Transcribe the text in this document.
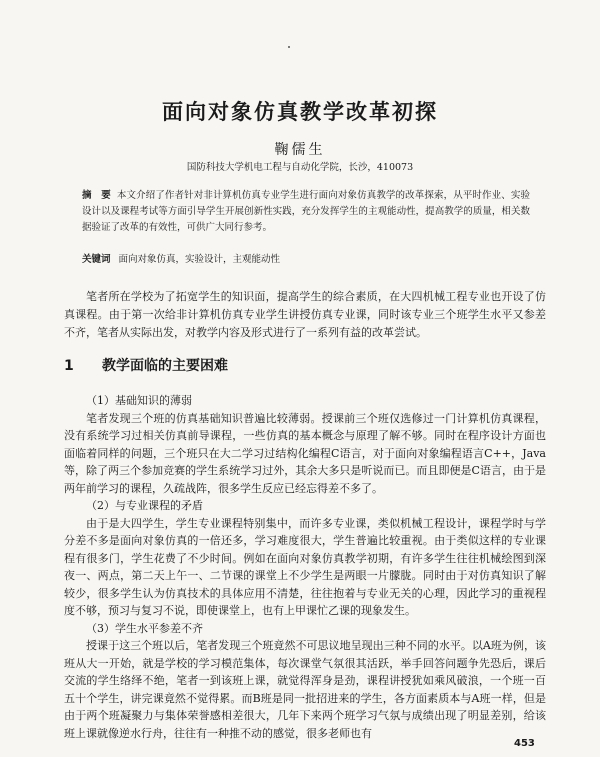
面向对象仿真教学改革初探
鞠儒生
国防科技大学机电工程与自动化学院，长沙，410073
摘　要 本文介绍了作者针对非计算机仿真专业学生进行面向对象仿真教学的改革探索，从平时作业、实验设计以及课程考试等方面引导学生开展创新性实践，充分发挥学生的主观能动性，提高教学的质量，相关数据验证了改革的有效性，可供广大同行参考。
关键词 面向对象仿真，实验设计，主观能动性
笔者所在学校为了拓宽学生的知识面，提高学生的综合素质，在大四机械工程专业也开设了仿真课程。由于第一次给非计算机仿真专业学生讲授仿真专业课，同时该专业三个班学生水平又参差不齐，笔者从实际出发，对教学内容及形式进行了一系列有益的改革尝试。
1 教学面临的主要困难

（1）基础知识的薄弱

笔者发现三个班的仿真基础知识普遍比较薄弱。授课前三个班仅选修过一门计算机仿真课程，没有系统学习过相关仿真前导课程，一些仿真的基本概念与原理了解不够。同时在程序设计方面也面临着同样的问题，三个班只在大二学习过结构化编程C语言，对于面向对象编程语言C++，Java等，除了两三个参加竞赛的学生系统学习过外，其余大多只是听说而已。而且即便是C语言，由于是两年前学习的课程，久疏战阵，很多学生反应已经忘得差不多了。

（2）与专业课程的矛盾

由于是大四学生，学生专业课程特别集中，而许多专业课，类似机械工程设计，课程学时与学分差不多是面向对象仿真的一倍还多，学习难度很大，学生普遍比较重视。由于类似这样的专业课程有很多门，学生花费了不少时间。例如在面向对象仿真教学初期，有许多学生往往机械绘图到深夜一、两点，第二天上午一、二节课的课堂上不少学生是两眼一片朦胧。同时由于对仿真知识了解较少，很多学生认为仿真技术的具体应用不清楚，往往抱着与专业无关的心理，因此学习的重视程度不够，预习与复习不说，即使课堂上，也有上甲课忙乙课的现象发生。

（3）学生水平参差不齐

授课于这三个班以后，笔者发现三个班竟然不可思议地呈现出三种不同的水平。以A班为例，该班从大一开始，就是学校的学习模范集体，每次课堂气氛很其活跃，举手回答问题争先恐后，课后交流的学生络绎不绝，笔者一到该班上课，就觉得浑身是劲，课程讲授犹如乘风破浪，一个班一百五十个学生，讲完课竟然不觉得累。而B班是同一批招进来的学生，各方面素质本与A班一样，但是由于两个班凝聚力与集体荣誉感相差很大，几年下来两个班学习气氛与成绩出现了明显差别，给该班上课就像逆水行舟，往往有一种推不动的感觉，很多老师也有

453
